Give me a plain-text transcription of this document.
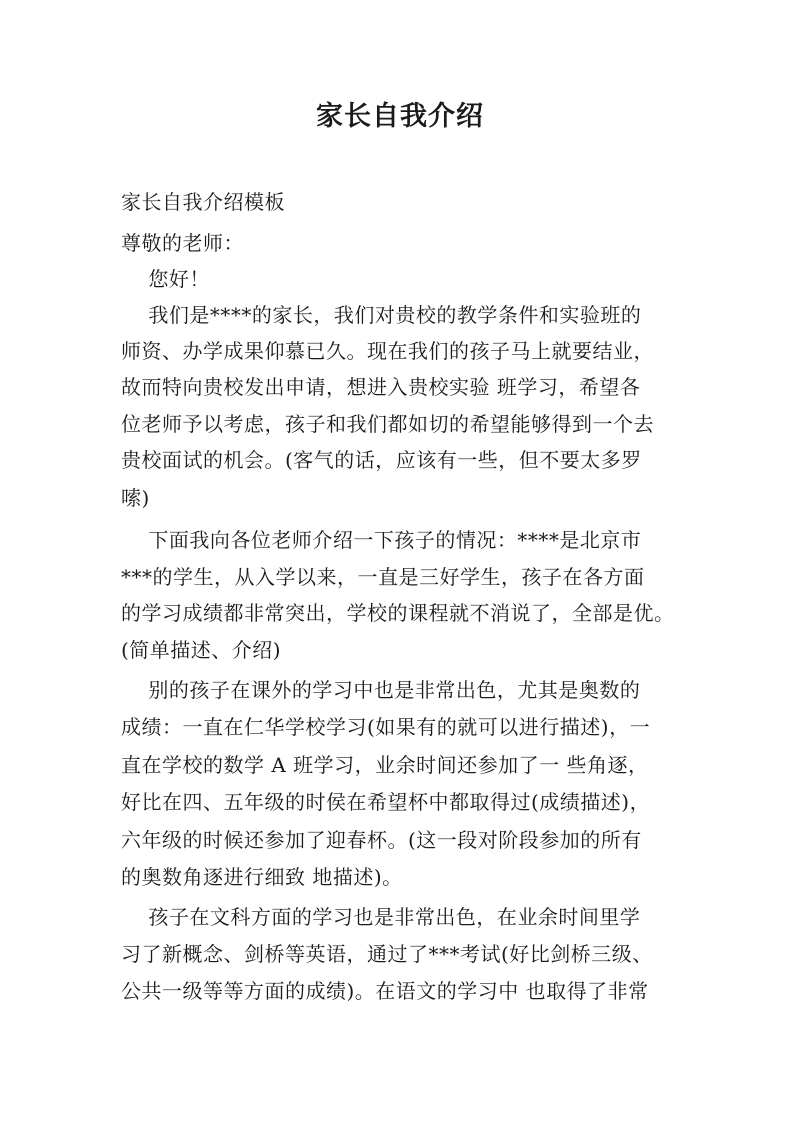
家长自我介绍
家长自我介绍模板
尊敬的老师：
您好！
我们是****的家长，我们对贵校的教学条件和实验班的
师资、办学成果仰慕已久。现在我们的孩子马上就要结业，
故而特向贵校发出申请，想进入贵校实验 班学习，希望各
位老师予以考虑，孩子和我们都如切的希望能够得到一个去
贵校面试的机会。(客气的话，应该有一些，但不要太多罗
嗦)
下面我向各位老师介绍一下孩子的情况：****是北京市
***的学生，从入学以来，一直是三好学生，孩子在各方面
的学习成绩都非常突出，学校的课程就不消说了，全部是优。
(简单描述、介绍)
别的孩子在课外的学习中也是非常出色，尤其是奥数的
成绩：一直在仁华学校学习(如果有的就可以进行描述)，一
直在学校的数学 A 班学习，业余时间还参加了一 些角逐，
好比在四、五年级的时侯在希望杯中都取得过(成绩描述)，
六年级的时候还参加了迎春杯。(这一段对阶段参加的所有
的奥数角逐进行细致 地描述)。
孩子在文科方面的学习也是非常出色，在业余时间里学
习了新概念、剑桥等英语，通过了***考试(好比剑桥三级、
公共一级等等方面的成绩)。在语文的学习中 也取得了非常
